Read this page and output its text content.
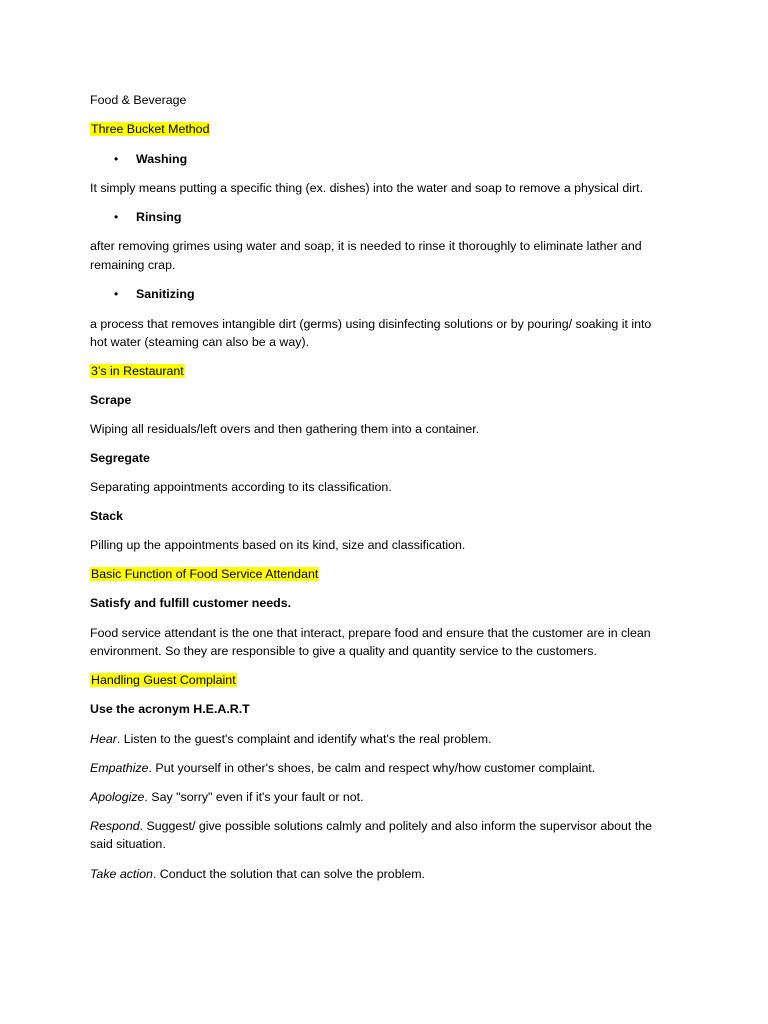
Food & Beverage
Three Bucket Method
• Washing
It simply means putting a specific thing (ex. dishes) into the water and soap to remove a physical dirt.
• Rinsing
after removing grimes using water and soap, it is needed to rinse it thoroughly to eliminate lather and
remaining crap.
• Sanitizing
a process that removes intangible dirt (germs) using disinfecting solutions or by pouring/ soaking it into
hot water (steaming can also be a way).
3’s in Restaurant
Scrape
Wiping all residuals/left overs and then gathering them into a container.
Segregate
Separating appointments according to its classification.
Stack
Pilling up the appointments based on its kind, size and classification.
Basic Function of Food Service Attendant
Satisfy and fulfill customer needs.
Food service attendant is the one that interact, prepare food and ensure that the customer are in clean
environment. So they are responsible to give a quality and quantity service to the customers.
Handling Guest Complaint
Use the acronym H.E.A.R.T
Hear. Listen to the guest's complaint and identify what's the real problem.
Empathize. Put yourself in other's shoes, be calm and respect why/how customer complaint.
Apologize. Say "sorry" even if it's your fault or not.
Respond. Suggest/ give possible solutions calmly and politely and also inform the supervisor about the
said situation.
Take action. Conduct the solution that can solve the problem.
